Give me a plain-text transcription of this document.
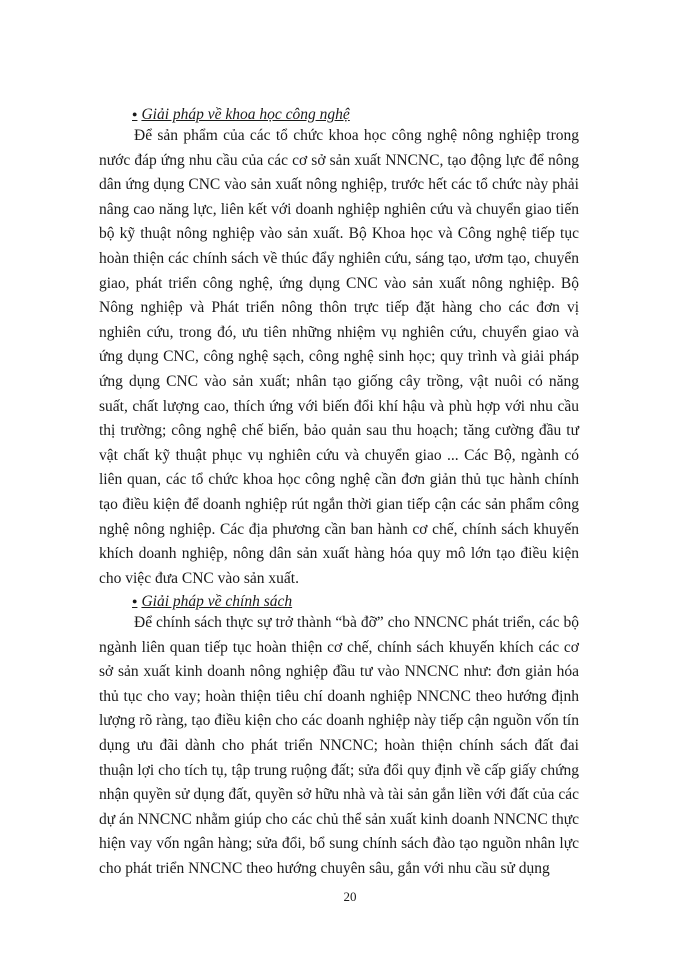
● Giải pháp về khoa học công nghệ

Để sản phẩm của các tổ chức khoa học công nghệ nông nghiệp trong nước đáp ứng nhu cầu của các cơ sở sản xuất NNCNC, tạo động lực để nông dân ứng dụng CNC vào sản xuất nông nghiệp, trước hết các tổ chức này phải nâng cao năng lực, liên kết với doanh nghiệp nghiên cứu và chuyển giao tiến bộ kỹ thuật nông nghiệp vào sản xuất. Bộ Khoa học và Công nghệ tiếp tục hoàn thiện các chính sách về thúc đẩy nghiên cứu, sáng tạo, ươm tạo, chuyển giao, phát triển công nghệ, ứng dụng CNC vào sản xuất nông nghiệp. Bộ Nông nghiệp và Phát triển nông thôn trực tiếp đặt hàng cho các đơn vị nghiên cứu, trong đó, ưu tiên những nhiệm vụ nghiên cứu, chuyển giao và ứng dụng CNC, công nghệ sạch, công nghệ sinh học; quy trình và giải pháp ứng dụng CNC vào sản xuất; nhân tạo giống cây trồng, vật nuôi có năng suất, chất lượng cao, thích ứng với biến đổi khí hậu và phù hợp với nhu cầu thị trường; công nghệ chế biến, bảo quản sau thu hoạch; tăng cường đầu tư vật chất kỹ thuật phục vụ nghiên cứu và chuyển giao ... Các Bộ, ngành có liên quan, các tổ chức khoa học công nghệ cần đơn giản thủ tục hành chính tạo điều kiện để doanh nghiệp rút ngắn thời gian tiếp cận các sản phẩm công nghệ nông nghiệp. Các địa phương cần ban hành cơ chế, chính sách khuyến khích doanh nghiệp, nông dân sản xuất hàng hóa quy mô lớn tạo điều kiện cho việc đưa CNC vào sản xuất.

● Giải pháp về chính sách

Để chính sách thực sự trở thành “bà đỡ” cho NNCNC phát triển, các bộ ngành liên quan tiếp tục hoàn thiện cơ chế, chính sách khuyến khích các cơ sở sản xuất kinh doanh nông nghiệp đầu tư vào NNCNC như: đơn giản hóa thủ tục cho vay; hoàn thiện tiêu chí doanh nghiệp NNCNC theo hướng định lượng rõ ràng, tạo điều kiện cho các doanh nghiệp này tiếp cận nguồn vốn tín dụng ưu đãi dành cho phát triển NNCNC; hoàn thiện chính sách đất đai thuận lợi cho tích tụ, tập trung ruộng đất; sửa đổi quy định về cấp giấy chứng nhận quyền sử dụng đất, quyền sở hữu nhà và tài sản gắn liền với đất của các dự án NNCNC nhằm giúp cho các chủ thể sản xuất kinh doanh NNCNC thực hiện vay vốn ngân hàng; sửa đổi, bổ sung chính sách đào tạo nguồn nhân lực cho phát triển NNCNC theo hướng chuyên sâu, gắn với nhu cầu sử dụng

20
